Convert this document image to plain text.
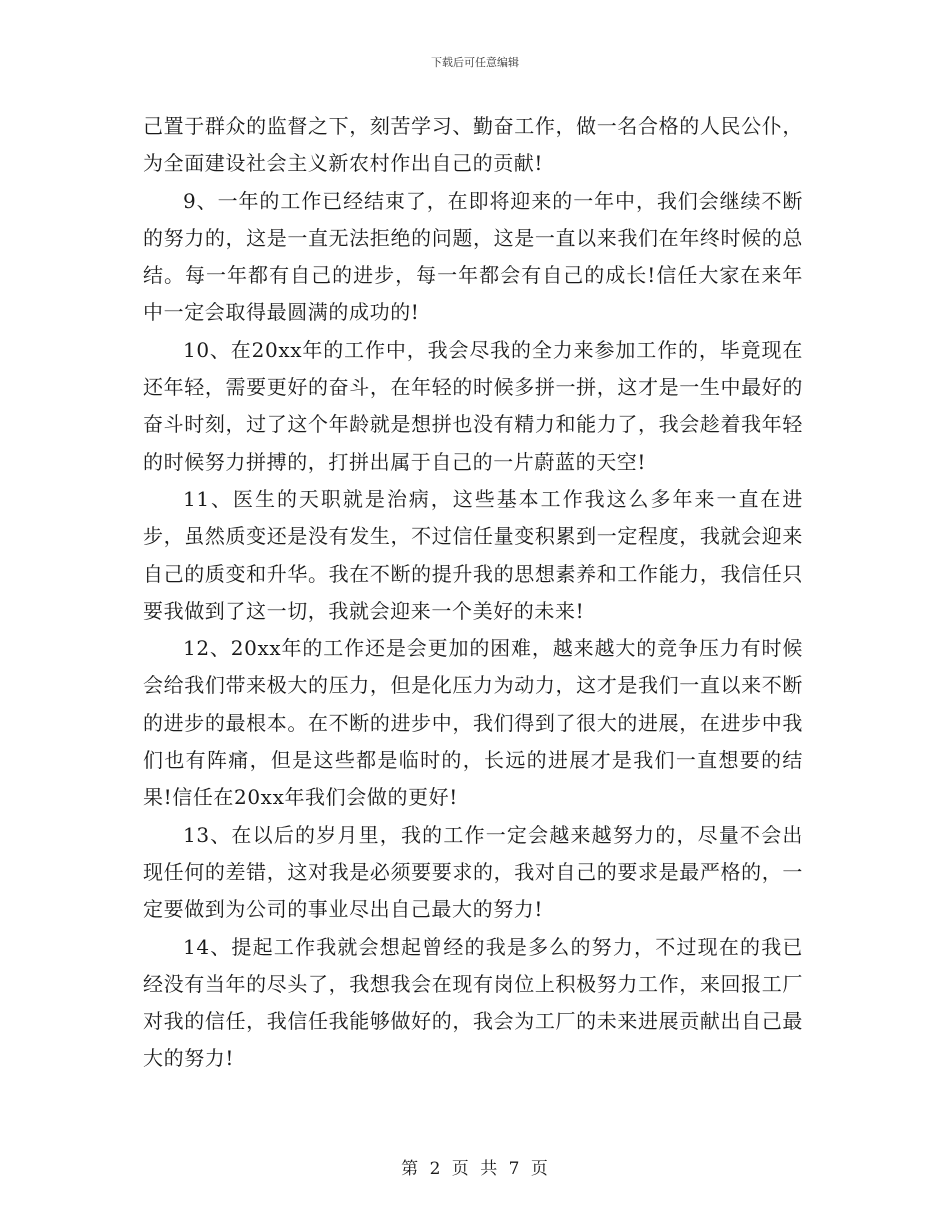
下载后可任意编辑

己置于群众的监督之下，刻苦学习、勤奋工作，做一名合格的人民公仆，为全面建设社会主义新农村作出自己的贡献!

9、一年的工作已经结束了，在即将迎来的一年中，我们会继续不断的努力的，这是一直无法拒绝的问题，这是一直以来我们在年终时候的总结。每一年都有自己的进步，每一年都会有自己的成长!信任大家在来年中一定会取得最圆满的成功的!

10、在20xx年的工作中，我会尽我的全力来参加工作的，毕竟现在还年轻，需要更好的奋斗，在年轻的时候多拼一拼，这才是一生中最好的奋斗时刻，过了这个年龄就是想拼也没有精力和能力了，我会趁着我年轻的时候努力拼搏的，打拼出属于自己的一片蔚蓝的天空!

11、医生的天职就是治病，这些基本工作我这么多年来一直在进步，虽然质变还是没有发生，不过信任量变积累到一定程度，我就会迎来自己的质变和升华。我在不断的提升我的思想素养和工作能力，我信任只要我做到了这一切，我就会迎来一个美好的未来!

12、20xx年的工作还是会更加的困难，越来越大的竞争压力有时候会给我们带来极大的压力，但是化压力为动力，这才是我们一直以来不断的进步的最根本。在不断的进步中，我们得到了很大的进展，在进步中我们也有阵痛，但是这些都是临时的，长远的进展才是我们一直想要的结果!信任在20xx年我们会做的更好!

13、在以后的岁月里，我的工作一定会越来越努力的，尽量不会出现任何的差错，这对我是必须要要求的，我对自己的要求是最严格的，一定要做到为公司的事业尽出自己最大的努力!

14、提起工作我就会想起曾经的我是多么的努力，不过现在的我已经没有当年的尽头了，我想我会在现有岗位上积极努力工作，来回报工厂对我的信任，我信任我能够做好的，我会为工厂的未来进展贡献出自己最大的努力!

第 2 页 共 7 页
